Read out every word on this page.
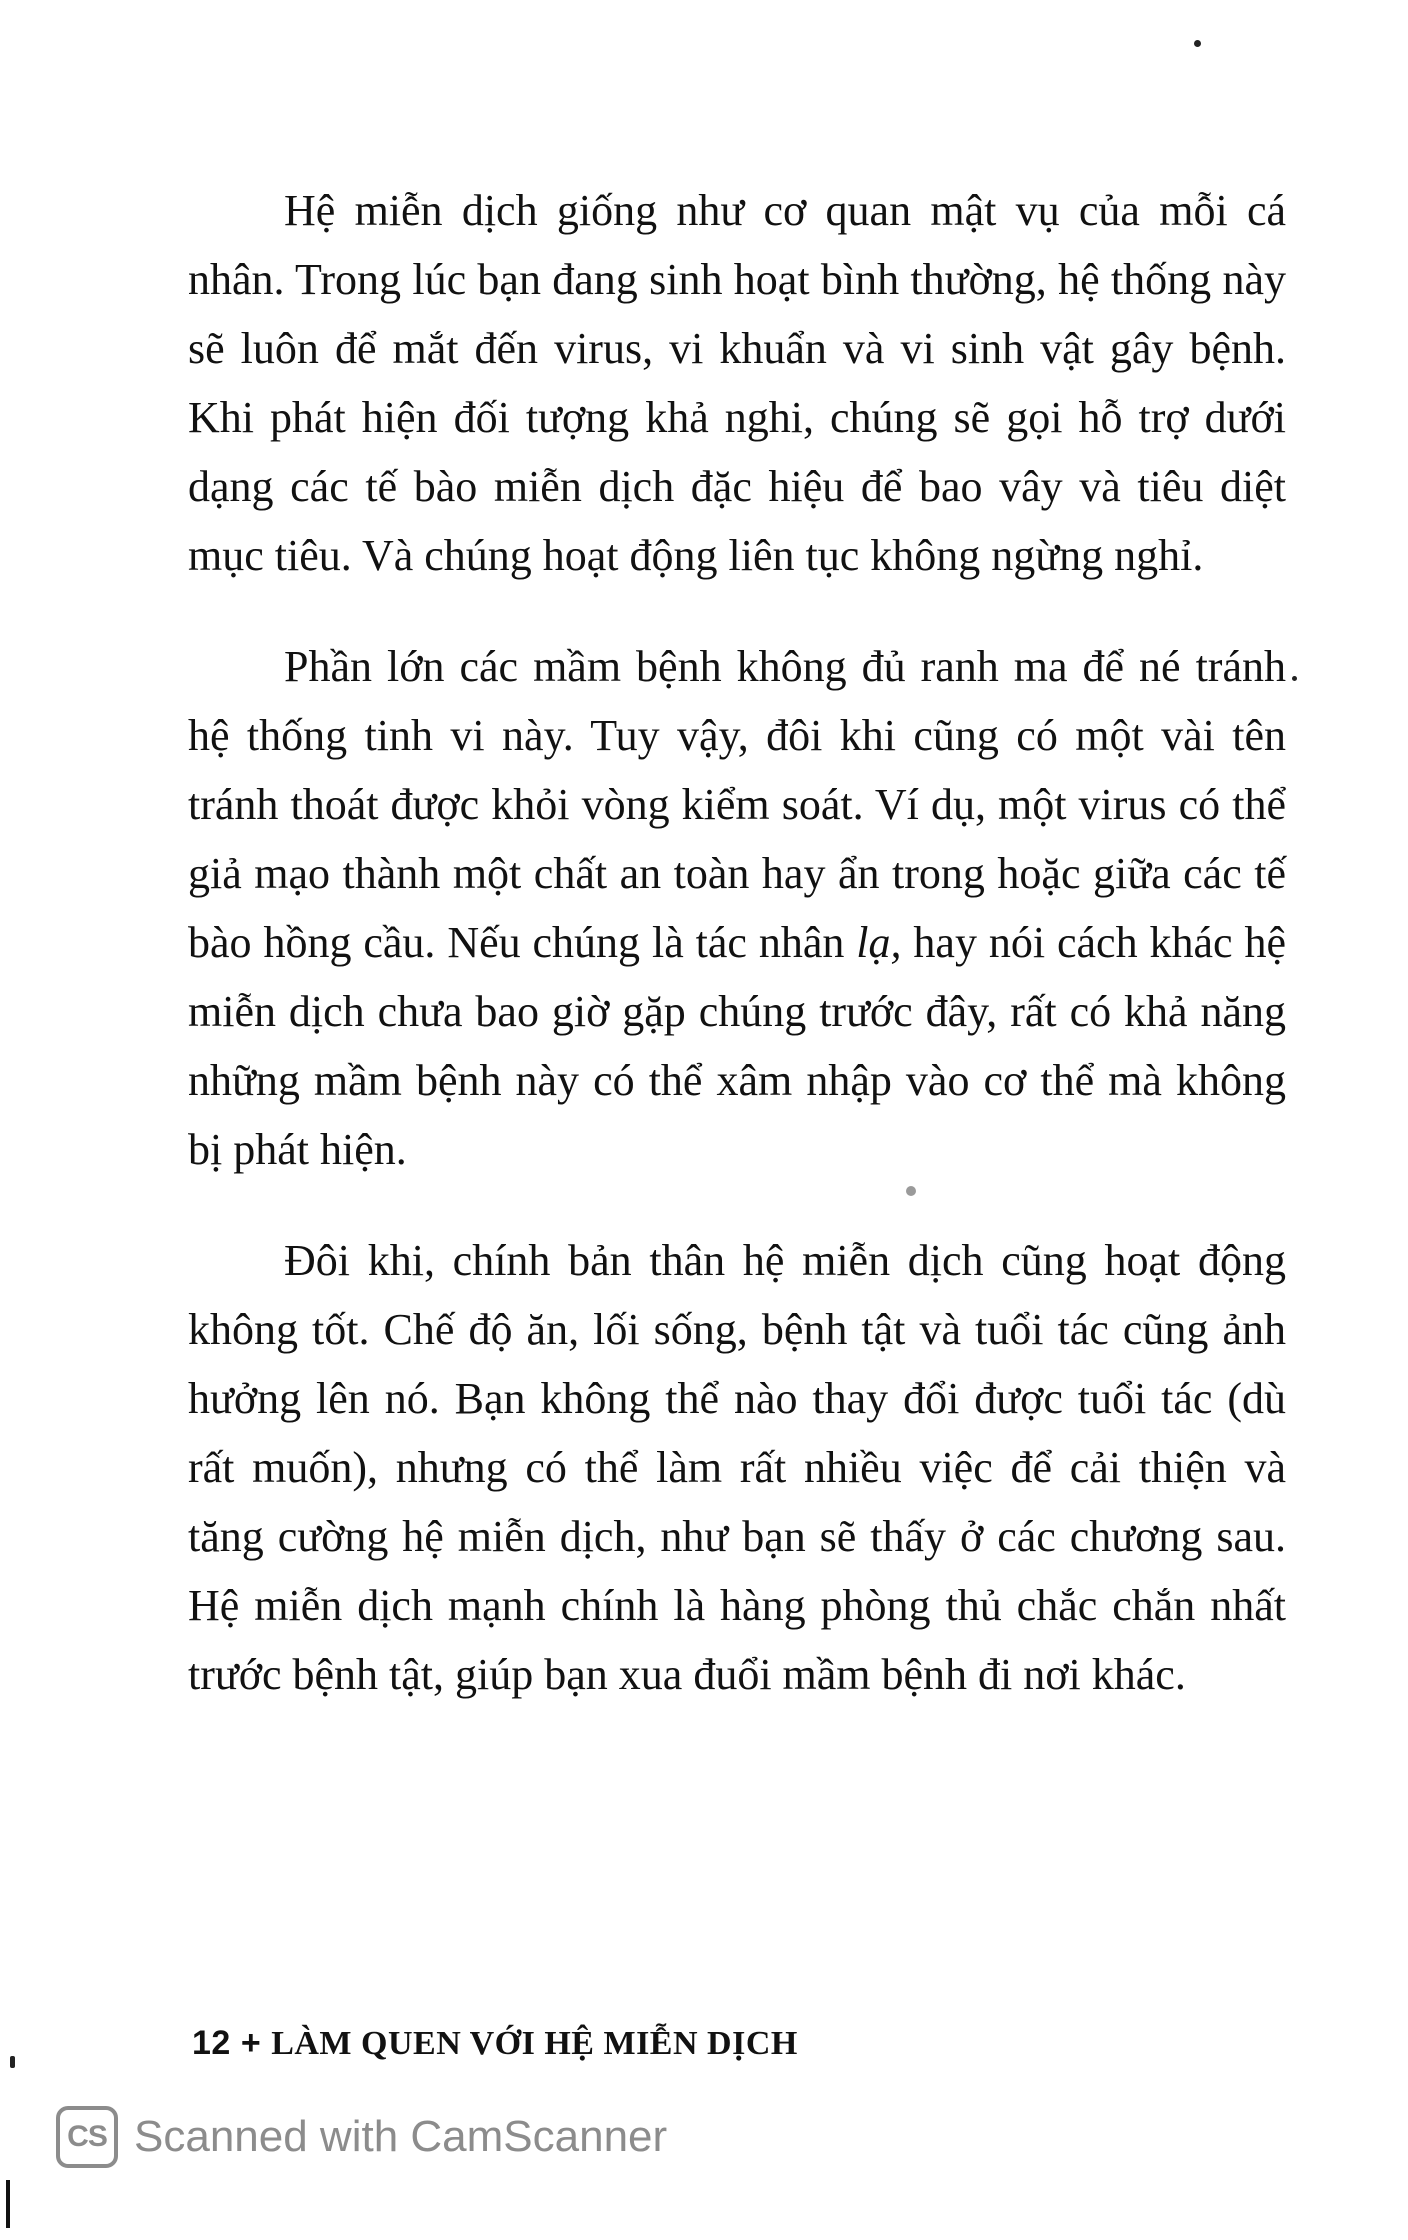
Hệ miễn dịch giống như cơ quan mật vụ của mỗi cá nhân. Trong lúc bạn đang sinh hoạt bình thường, hệ thống này sẽ luôn để mắt đến virus, vi khuẩn và vi sinh vật gây bệnh. Khi phát hiện đối tượng khả nghi, chúng sẽ gọi hỗ trợ dưới dạng các tế bào miễn dịch đặc hiệu để bao vây và tiêu diệt mục tiêu. Và chúng hoạt động liên tục không ngừng nghỉ.

Phần lớn các mầm bệnh không đủ ranh ma để né tránh hệ thống tinh vi này. Tuy vậy, đôi khi cũng có một vài tên tránh thoát được khỏi vòng kiểm soát. Ví dụ, một virus có thể giả mạo thành một chất an toàn hay ẩn trong hoặc giữa các tế bào hồng cầu. Nếu chúng là tác nhân lạ, hay nói cách khác hệ miễn dịch chưa bao giờ gặp chúng trước đây, rất có khả năng những mầm bệnh này có thể xâm nhập vào cơ thể mà không bị phát hiện.

Đôi khi, chính bản thân hệ miễn dịch cũng hoạt động không tốt. Chế độ ăn, lối sống, bệnh tật và tuổi tác cũng ảnh hưởng lên nó. Bạn không thể nào thay đổi được tuổi tác (dù rất muốn), nhưng có thể làm rất nhiều việc để cải thiện và tăng cường hệ miễn dịch, như bạn sẽ thấy ở các chương sau. Hệ miễn dịch mạnh chính là hàng phòng thủ chắc chắn nhất trước bệnh tật, giúp bạn xua đuổi mầm bệnh đi nơi khác.

12 + LÀM QUEN VỚI HỆ MIỄN DỊCH
CS Scanned with CamScanner
